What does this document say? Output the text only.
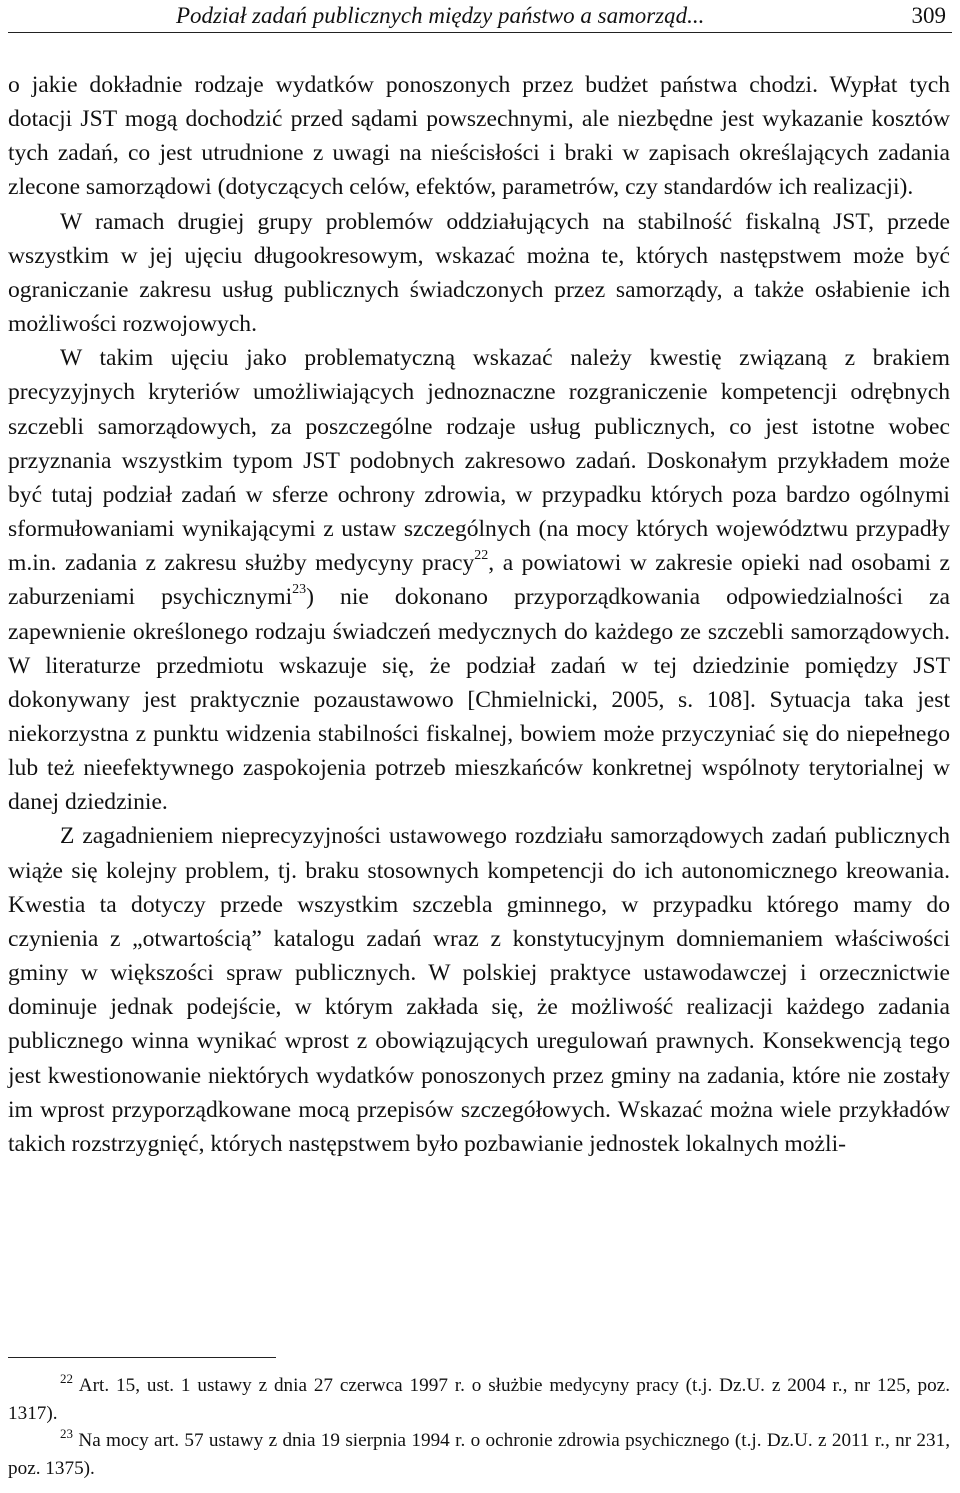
Podział zadań publicznych między państwo a samorząd...	309

o jakie dokładnie rodzaje wydatków ponoszonych przez budżet państwa chodzi. Wypłat tych dotacji JST mogą dochodzić przed sądami powszechnymi, ale niezbędne jest wykazanie kosztów tych zadań, co jest utrudnione z uwagi na nieścisłości i braki w zapisach określających zadania zlecone samorządowi (dotyczących celów, efektów, parametrów, czy standardów ich realizacji).

W ramach drugiej grupy problemów oddziałujących na stabilność fiskalną JST, przede wszystkim w jej ujęciu długookresowym, wskazać można te, których następstwem może być ograniczanie zakresu usług publicznych świadczonych przez samorządy, a także osłabienie ich możliwości rozwojowych.

W takim ujęciu jako problematyczną wskazać należy kwestię związaną z brakiem precyzyjnych kryteriów umożliwiających jednoznaczne rozgraniczenie kompetencji odrębnych szczebli samorządowych, za poszczególne rodzaje usług publicznych, co jest istotne wobec przyznania wszystkim typom JST podobnych zakresowo zadań. Doskonałym przykładem może być tutaj podział zadań w sferze ochrony zdrowia, w przypadku których poza bardzo ogólnymi sformułowaniami wynikającymi z ustaw szczególnych (na mocy których województwu przypadły m.in. zadania z zakresu służby medycyny pracy$^{22}$, a powiatowi w zakresie opieki nad osobami z zaburzeniami psychicznymi$^{23}$) nie dokonano przyporządkowania odpowiedzialności za zapewnienie określonego rodzaju świadczeń medycznych do każdego ze szczebli samorządowych. W literaturze przedmiotu wskazuje się, że podział zadań w tej dziedzinie pomiędzy JST dokonywany jest praktycznie pozaustawowo [Chmielnicki, 2005, s. 108]. Sytuacja taka jest niekorzystna z punktu widzenia stabilności fiskalnej, bowiem może przyczyniać się do niepełnego lub też nieefektywnego zaspokojenia potrzeb mieszkańców konkretnej wspólnoty terytorialnej w danej dziedzinie.

Z zagadnieniem nieprecyzyjności ustawowego rozdziału samorządowych zadań publicznych wiąże się kolejny problem, tj. braku stosownych kompetencji do ich autonomicznego kreowania. Kwestia ta dotyczy przede wszystkim szczebla gminnego, w przypadku którego mamy do czynienia z „otwartością” katalogu zadań wraz z konstytucyjnym domniemaniem właściwości gminy w większości spraw publicznych. W polskiej praktyce ustawodawczej i orzecznictwie dominuje jednak podejście, w którym zakłada się, że możliwość realizacji każdego zadania publicznego winna wynikać wprost z obowiązujących uregulowań prawnych. Konsekwencją tego jest kwestionowanie niektórych wydatków ponoszonych przez gminy na zadania, które nie zostały im wprost przyporządkowane mocą przepisów szczegółowych. Wskazać można wiele przykładów takich rozstrzygnięć, których następstwem było pozbawianie jednostek lokalnych możli-

$^{22}$ Art. 15, ust. 1 ustawy z dnia 27 czerwca 1997 r. o służbie medycyny pracy (t.j. Dz.U. z 2004 r., nr 125, poz. 1317).

$^{23}$ Na mocy art. 57 ustawy z dnia 19 sierpnia 1994 r. o ochronie zdrowia psychicznego (t.j. Dz.U. z 2011 r., nr 231, poz. 1375).
